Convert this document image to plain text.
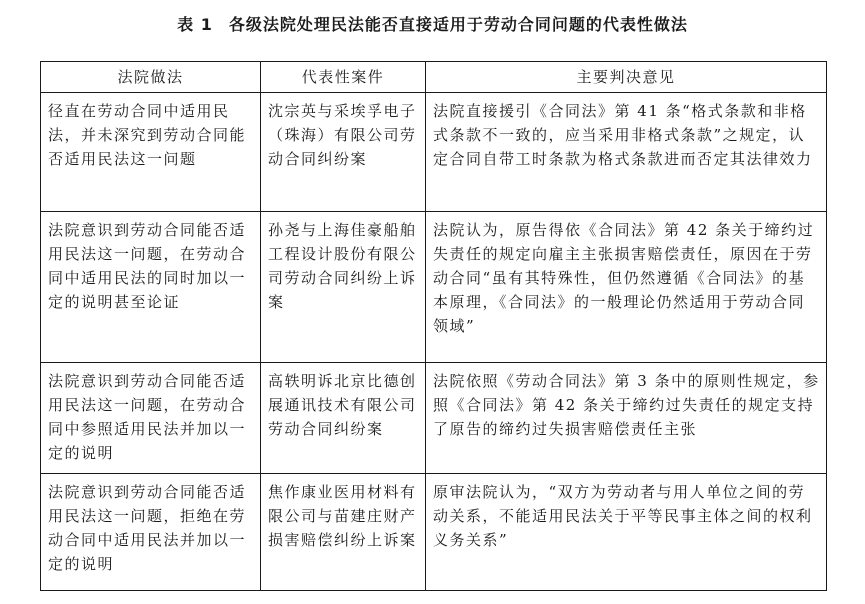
表 1 各级法院处理民法能否直接适用于劳动合同问题的代表性做法
法院做法	代表性案件	主要判决意见
径直在劳动合同中适用民法，并未深究到劳动合同能否适用民法这一问题	沈宗英与采埃孚电子（珠海）有限公司劳动合同纠纷案	法院直接援引《合同法》第 41 条“格式条款和非格式条款不一致的，应当采用非格式条款”之规定，认定合同自带工时条款为格式条款进而否定其法律效力
法院意识到劳动合同能否适用民法这一问题，在劳动合同中适用民法的同时加以一定的说明甚至论证	孙尧与上海佳豪船舶工程设计股份有限公司劳动合同纠纷上诉案	法院认为，原告得依《合同法》第 42 条关于缔约过失责任的规定向雇主主张损害赔偿责任，原因在于劳动合同“虽有其特殊性，但仍然遵循《合同法》的基本原理，《合同法》的一般理论仍然适用于劳动合同领域”
法院意识到劳动合同能否适用民法这一问题，在劳动合同中参照适用民法并加以一定的说明	高轶明诉北京比德创展通讯技术有限公司劳动合同纠纷案	法院依照《劳动合同法》第 3 条中的原则性规定，参照《合同法》第 42 条关于缔约过失责任的规定支持了原告的缔约过失损害赔偿责任主张
法院意识到劳动合同能否适用民法这一问题，拒绝在劳动合同中适用民法并加以一定的说明	焦作康业医用材料有限公司与苗建庄财产损害赔偿纠纷上诉案	原审法院认为，“双方为劳动者与用人单位之间的劳动关系，不能适用民法关于平等民事主体之间的权利义务关系”
